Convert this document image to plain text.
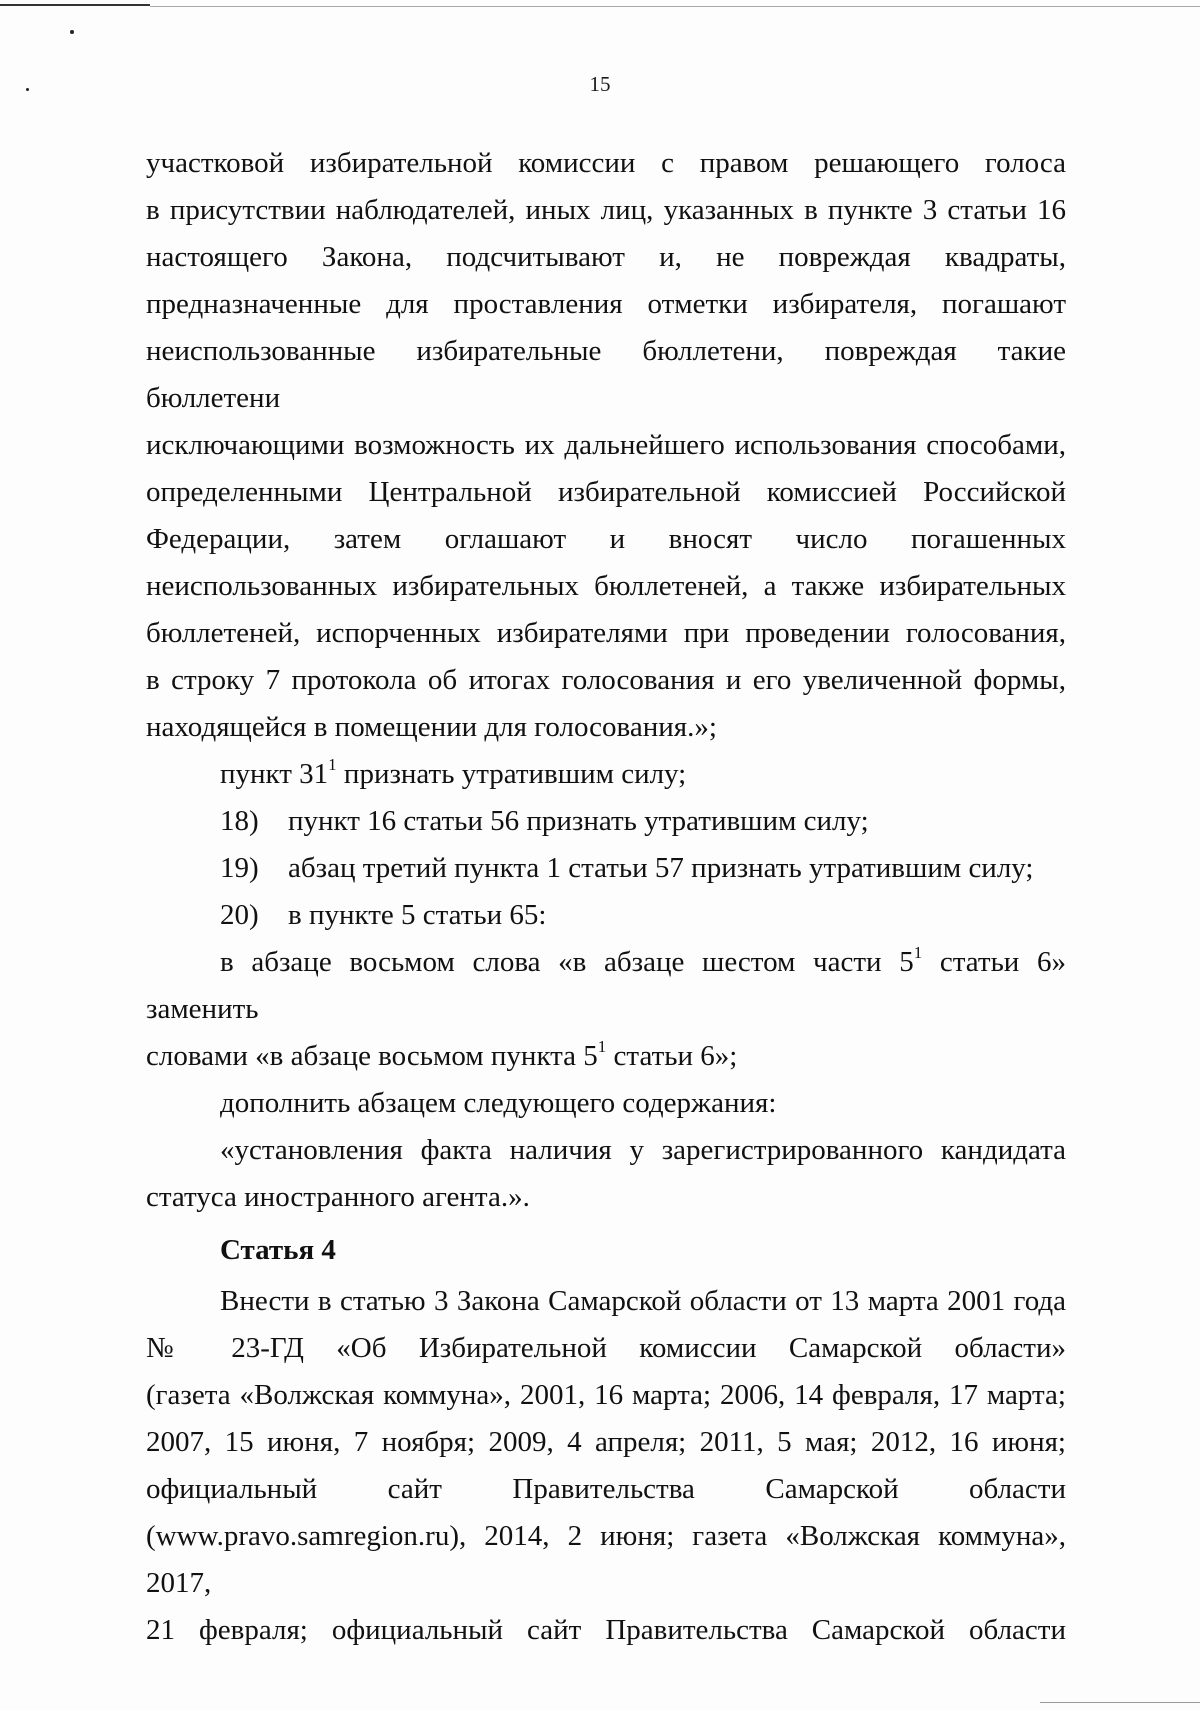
15

участковой избирательной комиссии с правом решающего голоса

в присутствии наблюдателей, иных лиц, указанных в пункте 3 статьи 16

настоящего Закона, подсчитывают и, не повреждая квадраты,

предназначенные для проставления отметки избирателя, погашают

неиспользованные избирательные бюллетени, повреждая такие бюллетени

исключающими возможность их дальнейшего использования способами,

определенными Центральной избирательной комиссией Российской

Федерации, затем оглашают и вносят число погашенных

неиспользованных избирательных бюллетеней, а также избирательных

бюллетеней, испорченных избирателями при проведении голосования,

в строку 7 протокола об итогах голосования и его увеличенной формы,

находящейся в помещении для голосования.»;

пункт $31^1$ признать утратившим силу;

18)	пункт 16 статьи 56 признать утратившим силу;
19)	абзац третий пункта 1 статьи 57 признать утратившим силу;
20)	в пункте 5 статьи 65:

в абзаце восьмом слова «в абзаце шестом части $5^1$ статьи 6» заменить

словами «в абзаце восьмом пункта $5^1$ статьи 6»;

дополнить абзацем следующего содержания:

«установления факта наличия у зарегистрированного кандидата

статуса иностранного агента.».

Статья 4

Внести в статью 3 Закона Самарской области от 13 марта 2001 года

№ 23-ГД «Об Избирательной комиссии Самарской области»

(газета «Волжская коммуна», 2001, 16 марта; 2006, 14 февраля, 17 марта;

2007, 15 июня, 7 ноября; 2009, 4 апреля; 2011, 5 мая; 2012, 16 июня;

официальный сайт Правительства Самарской области

(www.pravo.samregion.ru), 2014, 2 июня; газета «Волжская коммуна», 2017,

21 февраля; официальный сайт Правительства Самарской области
